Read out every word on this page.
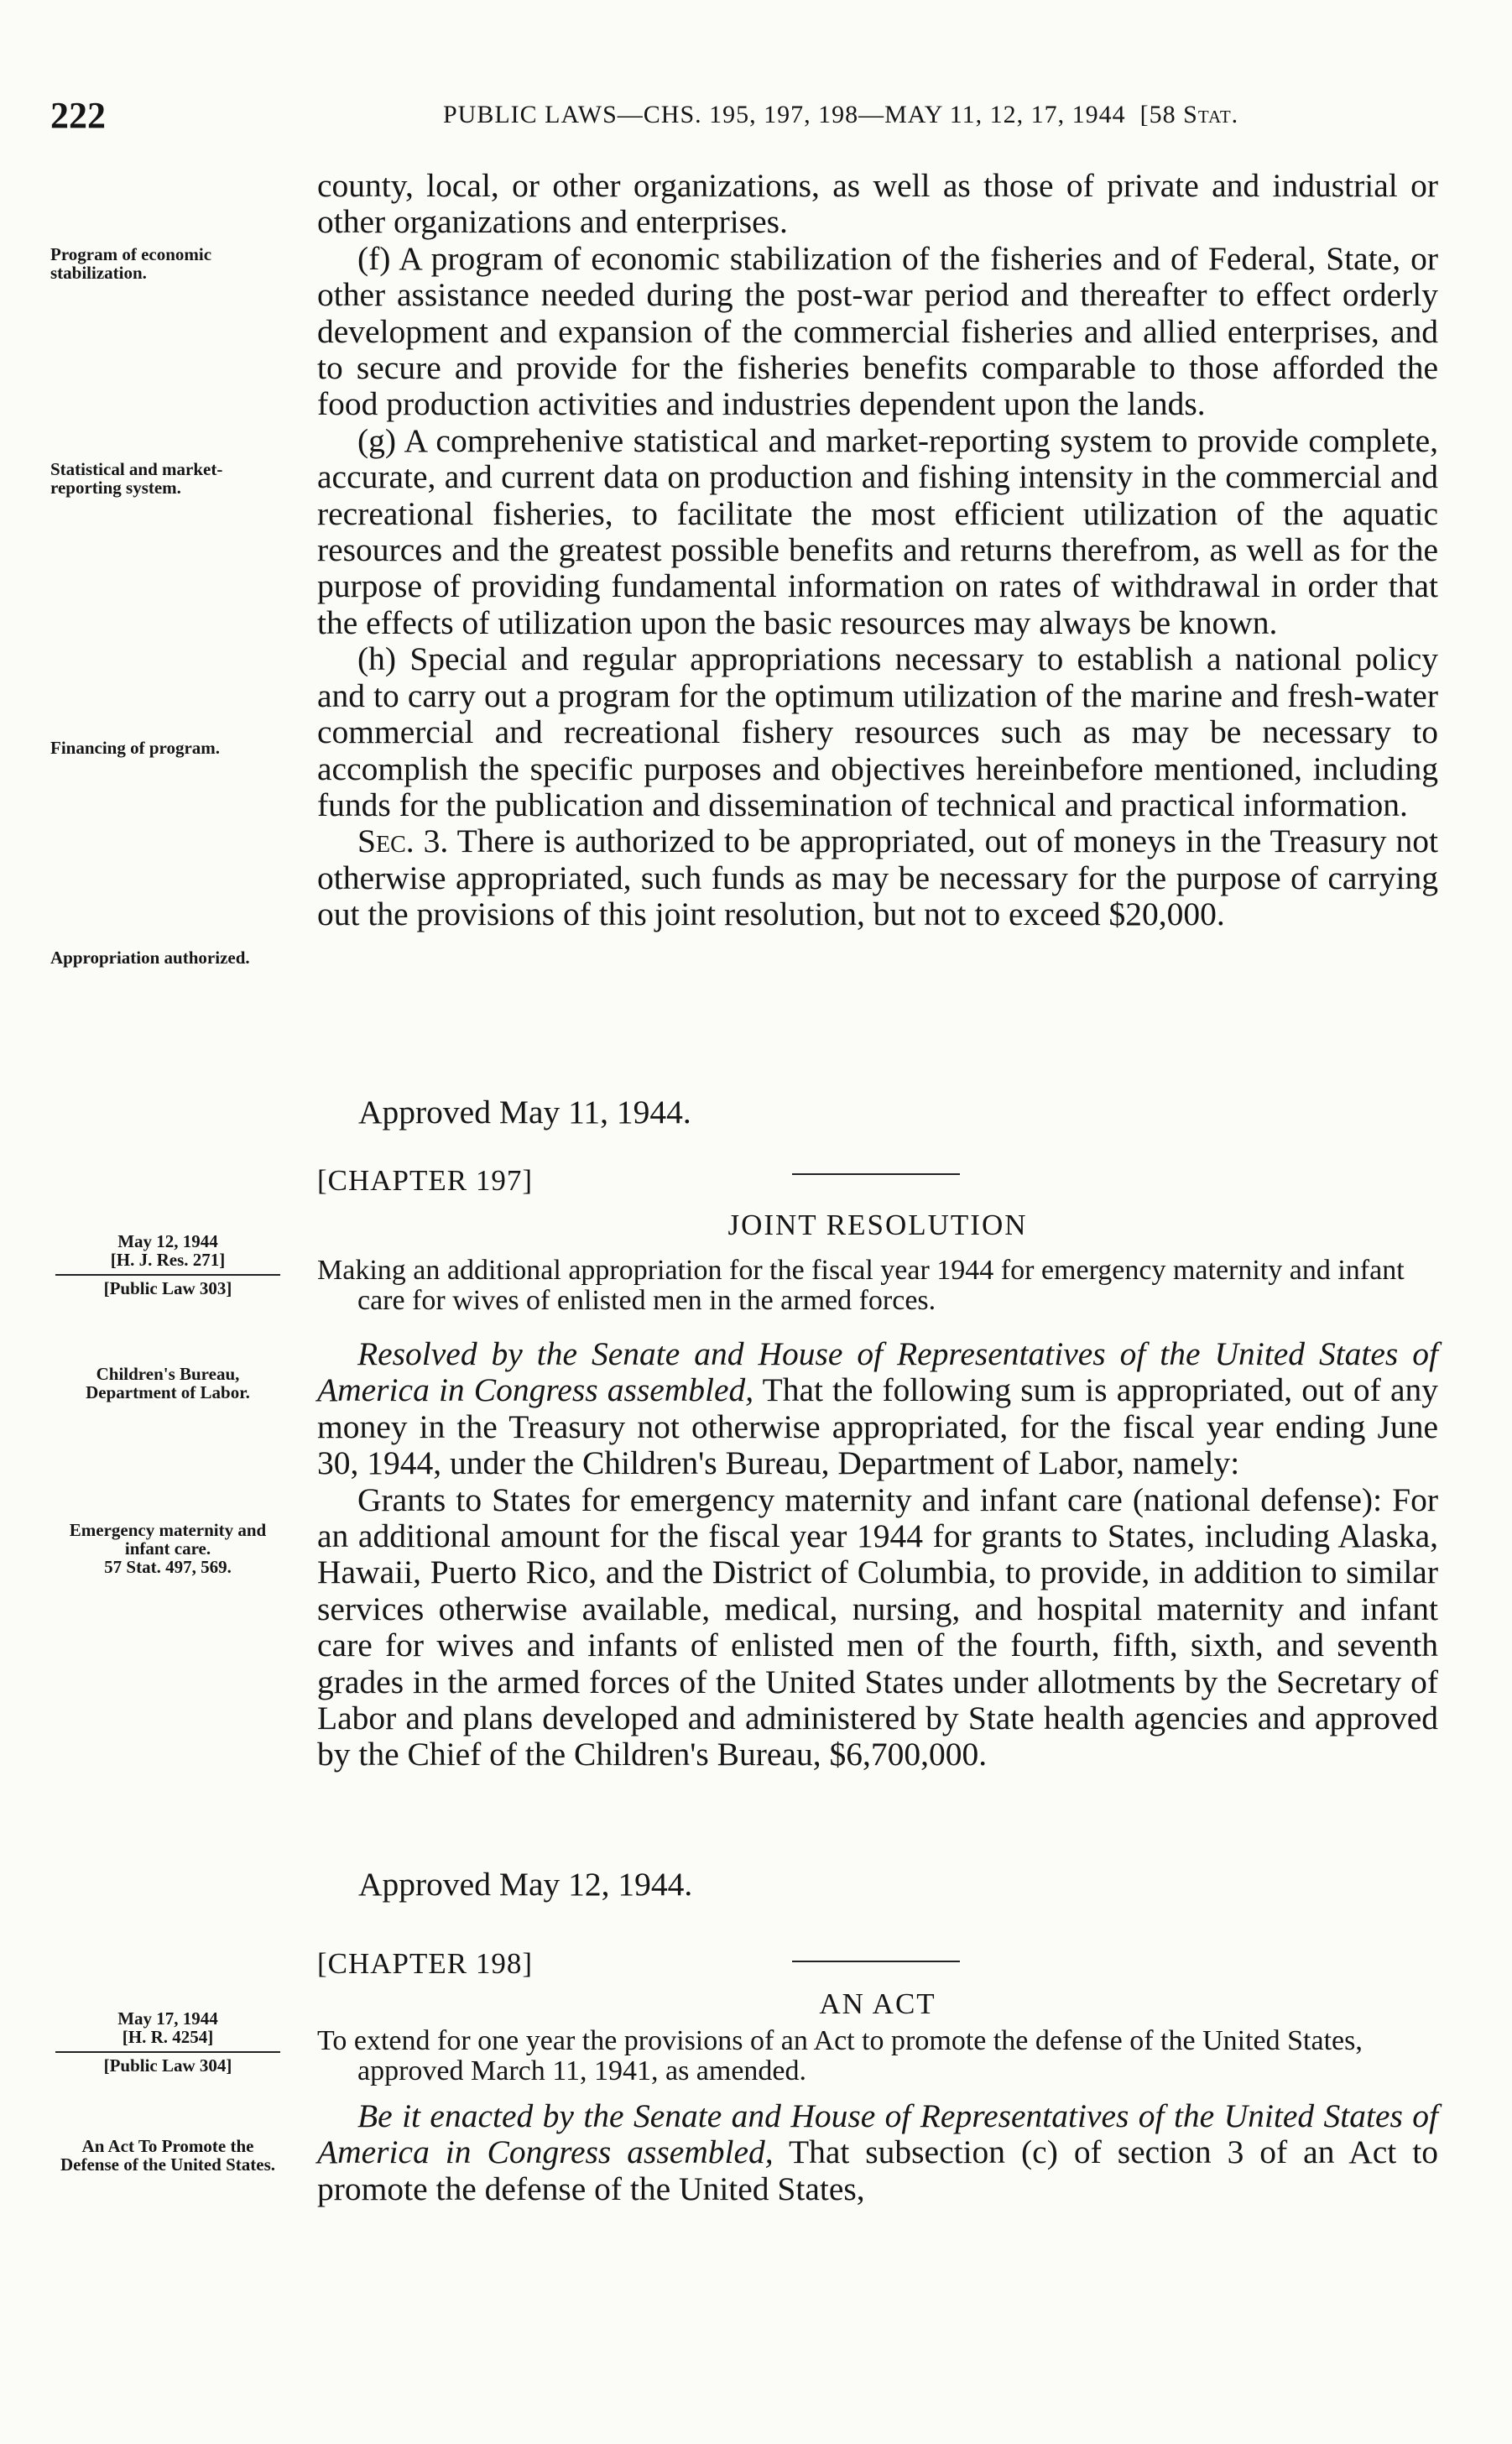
222	PUBLIC LAWS—CHS. 195, 197, 198—MAY 11, 12, 17, 1944 [58 Stat.

county, local, or other organizations, as well as those of private and industrial or other organizations and enterprises.

(f) A program of economic stabilization of the fisheries and of Federal, State, or other assistance needed during the post-war period and thereafter to effect orderly development and expansion of the commercial fisheries and allied enterprises, and to secure and provide for the fisheries benefits comparable to those afforded the food production activities and industries dependent upon the lands.

(g) A comprehenive statistical and market-reporting system to provide complete, accurate, and current data on production and fishing intensity in the commercial and recreational fisheries, to facilitate the most efficient utilization of the aquatic resources and the greatest possible benefits and returns therefrom, as well as for the purpose of providing fundamental information on rates of withdrawal in order that the effects of utilization upon the basic resources may always be known.

(h) Special and regular appropriations necessary to establish a national policy and to carry out a program for the optimum utilization of the marine and fresh-water commercial and recreational fishery resources such as may be necessary to accomplish the specific purposes and objectives hereinbefore mentioned, including funds for the publication and dissemination of technical and practical information.

Sec. 3. There is authorized to be appropriated, out of moneys in the Treasury not otherwise appropriated, such funds as may be necessary for the purpose of carrying out the provisions of this joint resolution, but not to exceed $20,000.

Approved May 11, 1944.
Program of economic stabilization.
Statistical and market-reporting system.
Financing of program.
Appropriation authorized.
[CHAPTER 197]
JOINT RESOLUTION

Making an additional appropriation for the fiscal year 1944 for emergency maternity and infant care for wives of enlisted men in the armed forces.

May 12, 1944
[H. J. Res. 271]
[Public Law 303]

Resolved by the Senate and House of Representatives of the United States of America in Congress assembled, That the following sum is appropriated, out of any money in the Treasury not otherwise appropriated, for the fiscal year ending June 30, 1944, under the Children's Bureau, Department of Labor, namely:

Grants to States for emergency maternity and infant care (national defense): For an additional amount for the fiscal year 1944 for grants to States, including Alaska, Hawaii, Puerto Rico, and the District of Columbia, to provide, in addition to similar services otherwise available, medical, nursing, and hospital maternity and infant care for wives and infants of enlisted men of the fourth, fifth, sixth, and seventh grades in the armed forces of the United States under allotments by the Secretary of Labor and plans developed and administered by State health agencies and approved by the Chief of the Children's Bureau, $6,700,000.

Approved May 12, 1944.
Children's Bureau, Department of Labor.
Emergency maternity and infant care.
57 Stat. 497, 569.
[CHAPTER 198]
AN ACT

To extend for one year the provisions of an Act to promote the defense of the United States, approved March 11, 1941, as amended.

May 17, 1944
[H. R. 4254]
[Public Law 304]

Be it enacted by the Senate and House of Representatives of the United States of America in Congress assembled, That subsection (c) of section 3 of an Act to promote the defense of the United States,

An Act To Promote the Defense of the United States.
